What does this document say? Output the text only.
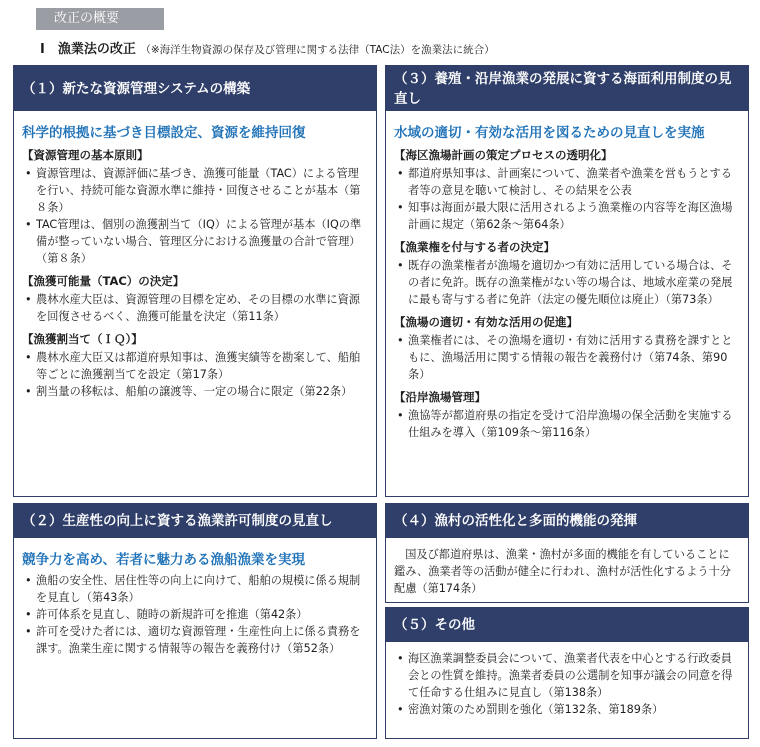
改正の概要
Ⅰ　漁業法の改正 （※海洋生物資源の保存及び管理に関する法律（TAC法）を漁業法に統合）
（１）新たな資源管理システムの構築
科学的根拠に基づき目標設定、資源を維持回復
【資源管理の基本原則】
• 資源管理は、資源評価に基づき、漁獲可能量（TAC）による管理を行い、持続可能な資源水準に維持・回復させることが基本（第８条）
• TAC管理は、個別の漁獲割当て（IQ）による管理が基本（IQの準備が整っていない場合、管理区分における漁獲量の合計で管理）（第８条）
【漁獲可能量（TAC）の決定】
• 農林水産大臣は、資源管理の目標を定め、その目標の水準に資源を回復させるべく、漁獲可能量を決定（第11条）
【漁獲割当て（ＩＱ）】
• 農林水産大臣又は都道府県知事は、漁獲実績等を勘案して、船舶等ごとに漁獲割当てを設定（第17条）
• 割当量の移転は、船舶の譲渡等、一定の場合に限定（第22条）
（２）生産性の向上に資する漁業許可制度の見直し
競争力を高め、若者に魅力ある漁船漁業を実現
• 漁船の安全性、居住性等の向上に向けて、船舶の規模に係る規制を見直し（第43条）
• 許可体系を見直し、随時の新規許可を推進（第42条）
• 許可を受けた者には、適切な資源管理・生産性向上に係る責務を課す。漁業生産に関する情報等の報告を義務付け（第52条）
（３）養殖・沿岸漁業の発展に資する海面利用制度の見直し
水域の適切・有効な活用を図るための見直しを実施
【海区漁場計画の策定プロセスの透明化】
• 都道府県知事は、計画案について、漁業者や漁業を営もうとする者等の意見を聴いて検討し、その結果を公表
• 知事は海面が最大限に活用されるよう漁業権の内容等を海区漁場計画に規定（第62条～第64条）
【漁業権を付与する者の決定】
• 既存の漁業権者が漁場を適切かつ有効に活用している場合は、その者に免許。既存の漁業権がない等の場合は、地域水産業の発展に最も寄与する者に免許（法定の優先順位は廃止）（第73条）
【漁場の適切・有効な活用の促進】
• 漁業権者には、その漁場を適切・有効に活用する責務を課すとともに、漁場活用に関する情報の報告を義務付け（第74条、第90条）
【沿岸漁場管理】
• 漁協等が都道府県の指定を受けて沿岸漁場の保全活動を実施する仕組みを導入（第109条～第116条）
（４）漁村の活性化と多面的機能の発揮

国及び都道府県は、漁業・漁村が多面的機能を有していることに鑑み、漁業者等の活動が健全に行われ、漁村が活性化するよう十分配慮（第174条）

（５）その他
• 海区漁業調整委員会について、漁業者代表を中心とする行政委員会との性質を維持。漁業者委員の公選制を知事が議会の同意を得て任命する仕組みに見直し（第138条）
• 密漁対策のため罰則を強化（第132条、第189条）
